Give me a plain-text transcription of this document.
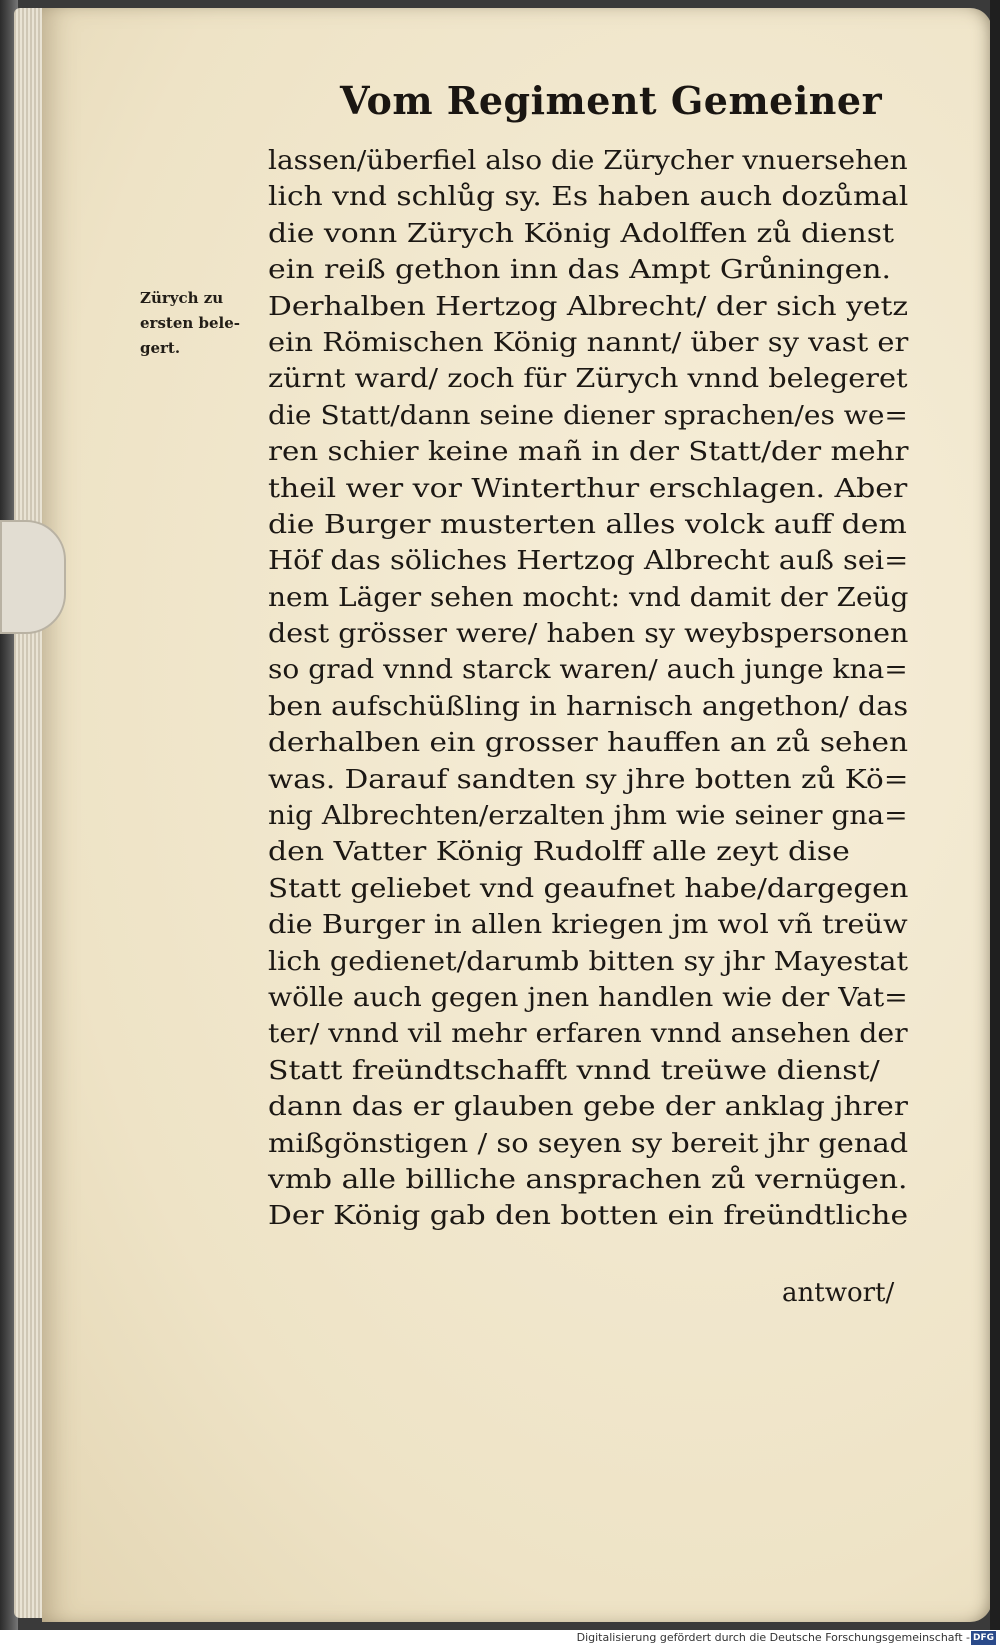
Vom Regiment Gemeiner
Zürych zu
ersten bele-
gert.
lassen/überfiel also die Zürycher vnuersehen
lich vnd schlůg sy. Es haben auch dozůmal
die vonn Zürych König Adolffen zů dienst
ein reiß gethon inn das Ampt Grůningen.
Derhalben Hertzog Albrecht/ der sich yetz
ein Römischen König nannt/ über sy vast er
zürnt ward/ zoch für Zürych vnnd belegeret
die Statt/dann seine diener sprachen/es we=
ren schier keine mañ in der Statt/der mehr
theil wer vor Winterthur erschlagen. Aber
die Burger musterten alles volck auff dem
Höf das söliches Hertzog Albrecht auß sei=
nem Läger sehen mocht: vnd damit der Zeüg
dest grösser were/ haben sy weybspersonen
so grad vnnd starck waren/ auch junge kna=
ben aufschüßling in harnisch angethon/ das
derhalben ein grosser hauffen an zů sehen
was. Darauf sandten sy jhre botten zů Kö=
nig Albrechten/erzalten jhm wie seiner gna=
den Vatter König Rudolff alle zeyt dise
Statt geliebet vnd geaufnet habe/dargegen
die Burger in allen kriegen jm wol vñ treüw
lich gedienet/darumb bitten sy jhr Mayestat
wölle auch gegen jnen handlen wie der Vat=
ter/ vnnd vil mehr erfaren vnnd ansehen der
Statt freündtschafft vnnd treüwe dienst/
dann das er glauben gebe der anklag jhrer
mißgönstigen / so seyen sy bereit jhr genad
vmb alle billiche ansprachen zů vernügen.
Der König gab den botten ein freündtliche
antwort/
Digitalisierung gefördert durch die Deutsche Forschungsgemeinschaft - DFG
